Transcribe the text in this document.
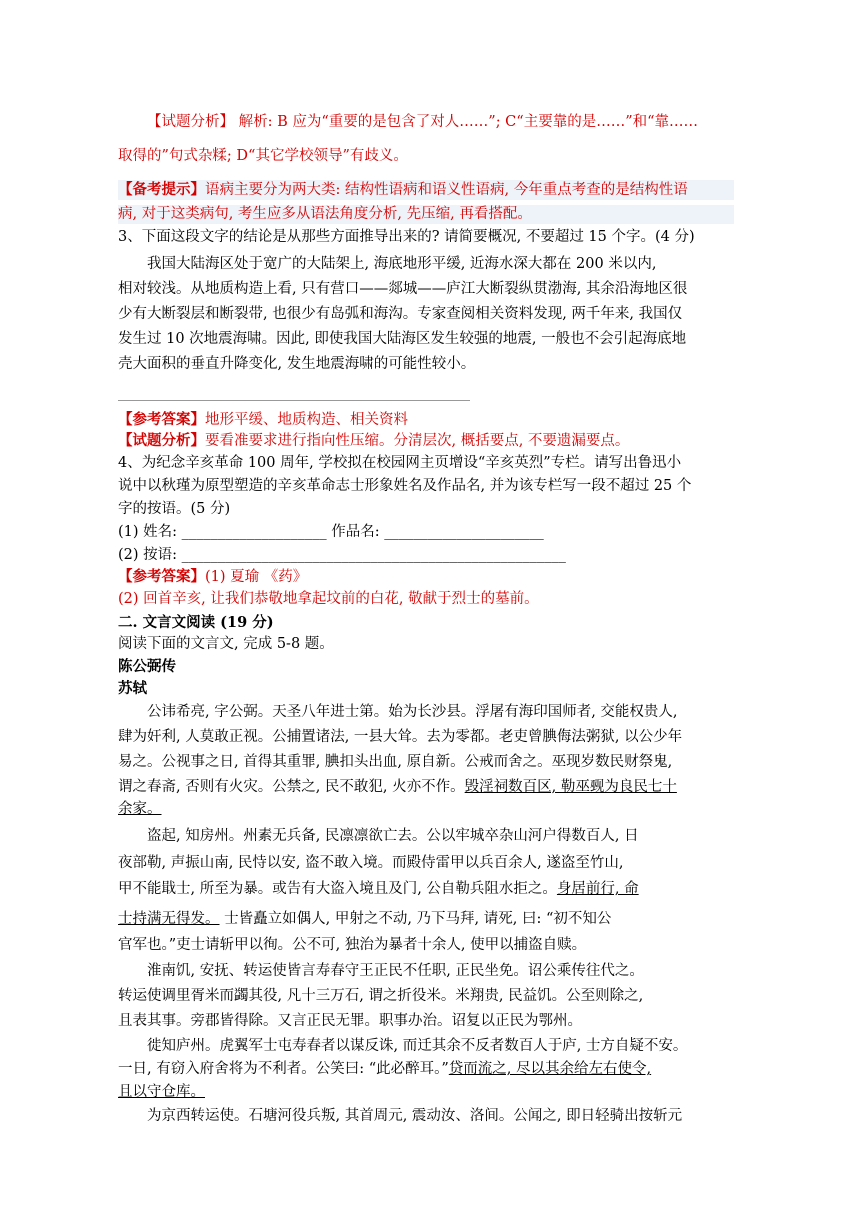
【试题分析】 解析: B 应为“重要的是包含了对人……”; C“主要靠的是……”和“靠……

取得的”句式杂糅; D“其它学校领导”有歧义。

【备考提示】语病主要分为两大类: 结构性语病和语义性语病, 今年重点考查的是结构性语

病, 对于这类病句, 考生应多从语法角度分析, 先压缩, 再看搭配。

3、下面这段文字的结论是从那些方面推导出来的? 请简要概况, 不要超过 15 个字。(4 分)

我国大陆海区处于宽广的大陆架上, 海底地形平缓, 近海水深大都在 200 米以内,

相对较浅。从地质构造上看, 只有营口——郯城——庐江大断裂纵贯渤海, 其余沿海地区很

少有大断裂层和断裂带, 也很少有岛弧和海沟。专家查阅相关资料发现, 两千年来, 我国仅

发生过 10 次地震海啸。因此, 即使我国大陆海区发生较强的地震, 一般也不会引起海底地

壳大面积的垂直升降变化, 发生地震海啸的可能性较小。

【参考答案】地形平缓、地质构造、相关资料

【试题分析】要看准要求进行指向性压缩。分清层次, 概括要点, 不要遗漏要点。

4、为纪念辛亥革命 100 周年, 学校拟在校园网主页增设“辛亥英烈”专栏。请写出鲁迅小

说中以秋瑾为原型塑造的辛亥革命志士形象姓名及作品名, 并为该专栏写一段不超过 25 个

字的按语。(5 分)

(1) 姓名: ____________________ 作品名: ______________________

(2) 按语: _____________________________________________________

【参考答案】(1) 夏瑜 《药》

(2) 回首辛亥, 让我们恭敬地拿起坟前的白花, 敬献于烈士的墓前。

二. 文言文阅读 (19 分)

阅读下面的文言文, 完成 5-8 题。

陈公弼传

苏轼

公讳希亮, 字公弼。天圣八年进士第。始为长沙县。浮屠有海印国师者, 交能权贵人,

肆为奸利, 人莫敢正视。公捕置诸法, 一县大耸。去为零都。老吏曾腆侮法粥狱, 以公少年

易之。公视事之日, 首得其重罪, 腆扣头出血, 原自新。公戒而舍之。巫现岁数民财祭鬼,

谓之春斋, 否则有火灾。公禁之, 民不敢犯, 火亦不作。毁淫祠数百区, 勒巫觋为良民七十

余家。

盗起, 知房州。州素无兵备, 民凛凛欲亡去。公以牢城卒杂山河户得数百人, 日

夜部勒, 声振山南, 民恃以安, 盗不敢入境。而殿侍雷甲以兵百余人, 遂盗至竹山,

甲不能戢士, 所至为暴。或告有大盗入境且及门, 公自勒兵阻水拒之。身居前行, 命

士持满无得发。 士皆矗立如偶人, 甲射之不动, 乃下马拜, 请死, 曰: “初不知公

官军也。”吏士请斩甲以徇。公不可, 独治为暴者十余人, 使甲以捕盗自赎。

淮南饥, 安抚、转运使皆言寿春守王正民不任职, 正民坐免。诏公乘传往代之。

转运使调里胥米而蠲其役, 凡十三万石, 谓之折役米。米翔贵, 民益饥。公至则除之,

且表其事。旁郡皆得除。又言正民无罪。职事办治。诏复以正民为鄂州。

徙知庐州。虎翼军士屯寿春者以谋反诛, 而迁其余不反者数百人于庐, 士方自疑不安。

一日, 有窃入府舍将为不利者。公笑曰: “此必醉耳。”贷而流之, 尽以其余给左右使令,

且以守仓库。

为京西转运使。石塘河役兵叛, 其首周元, 震动汝、洛间。公闻之, 即日轻骑出按斩元
